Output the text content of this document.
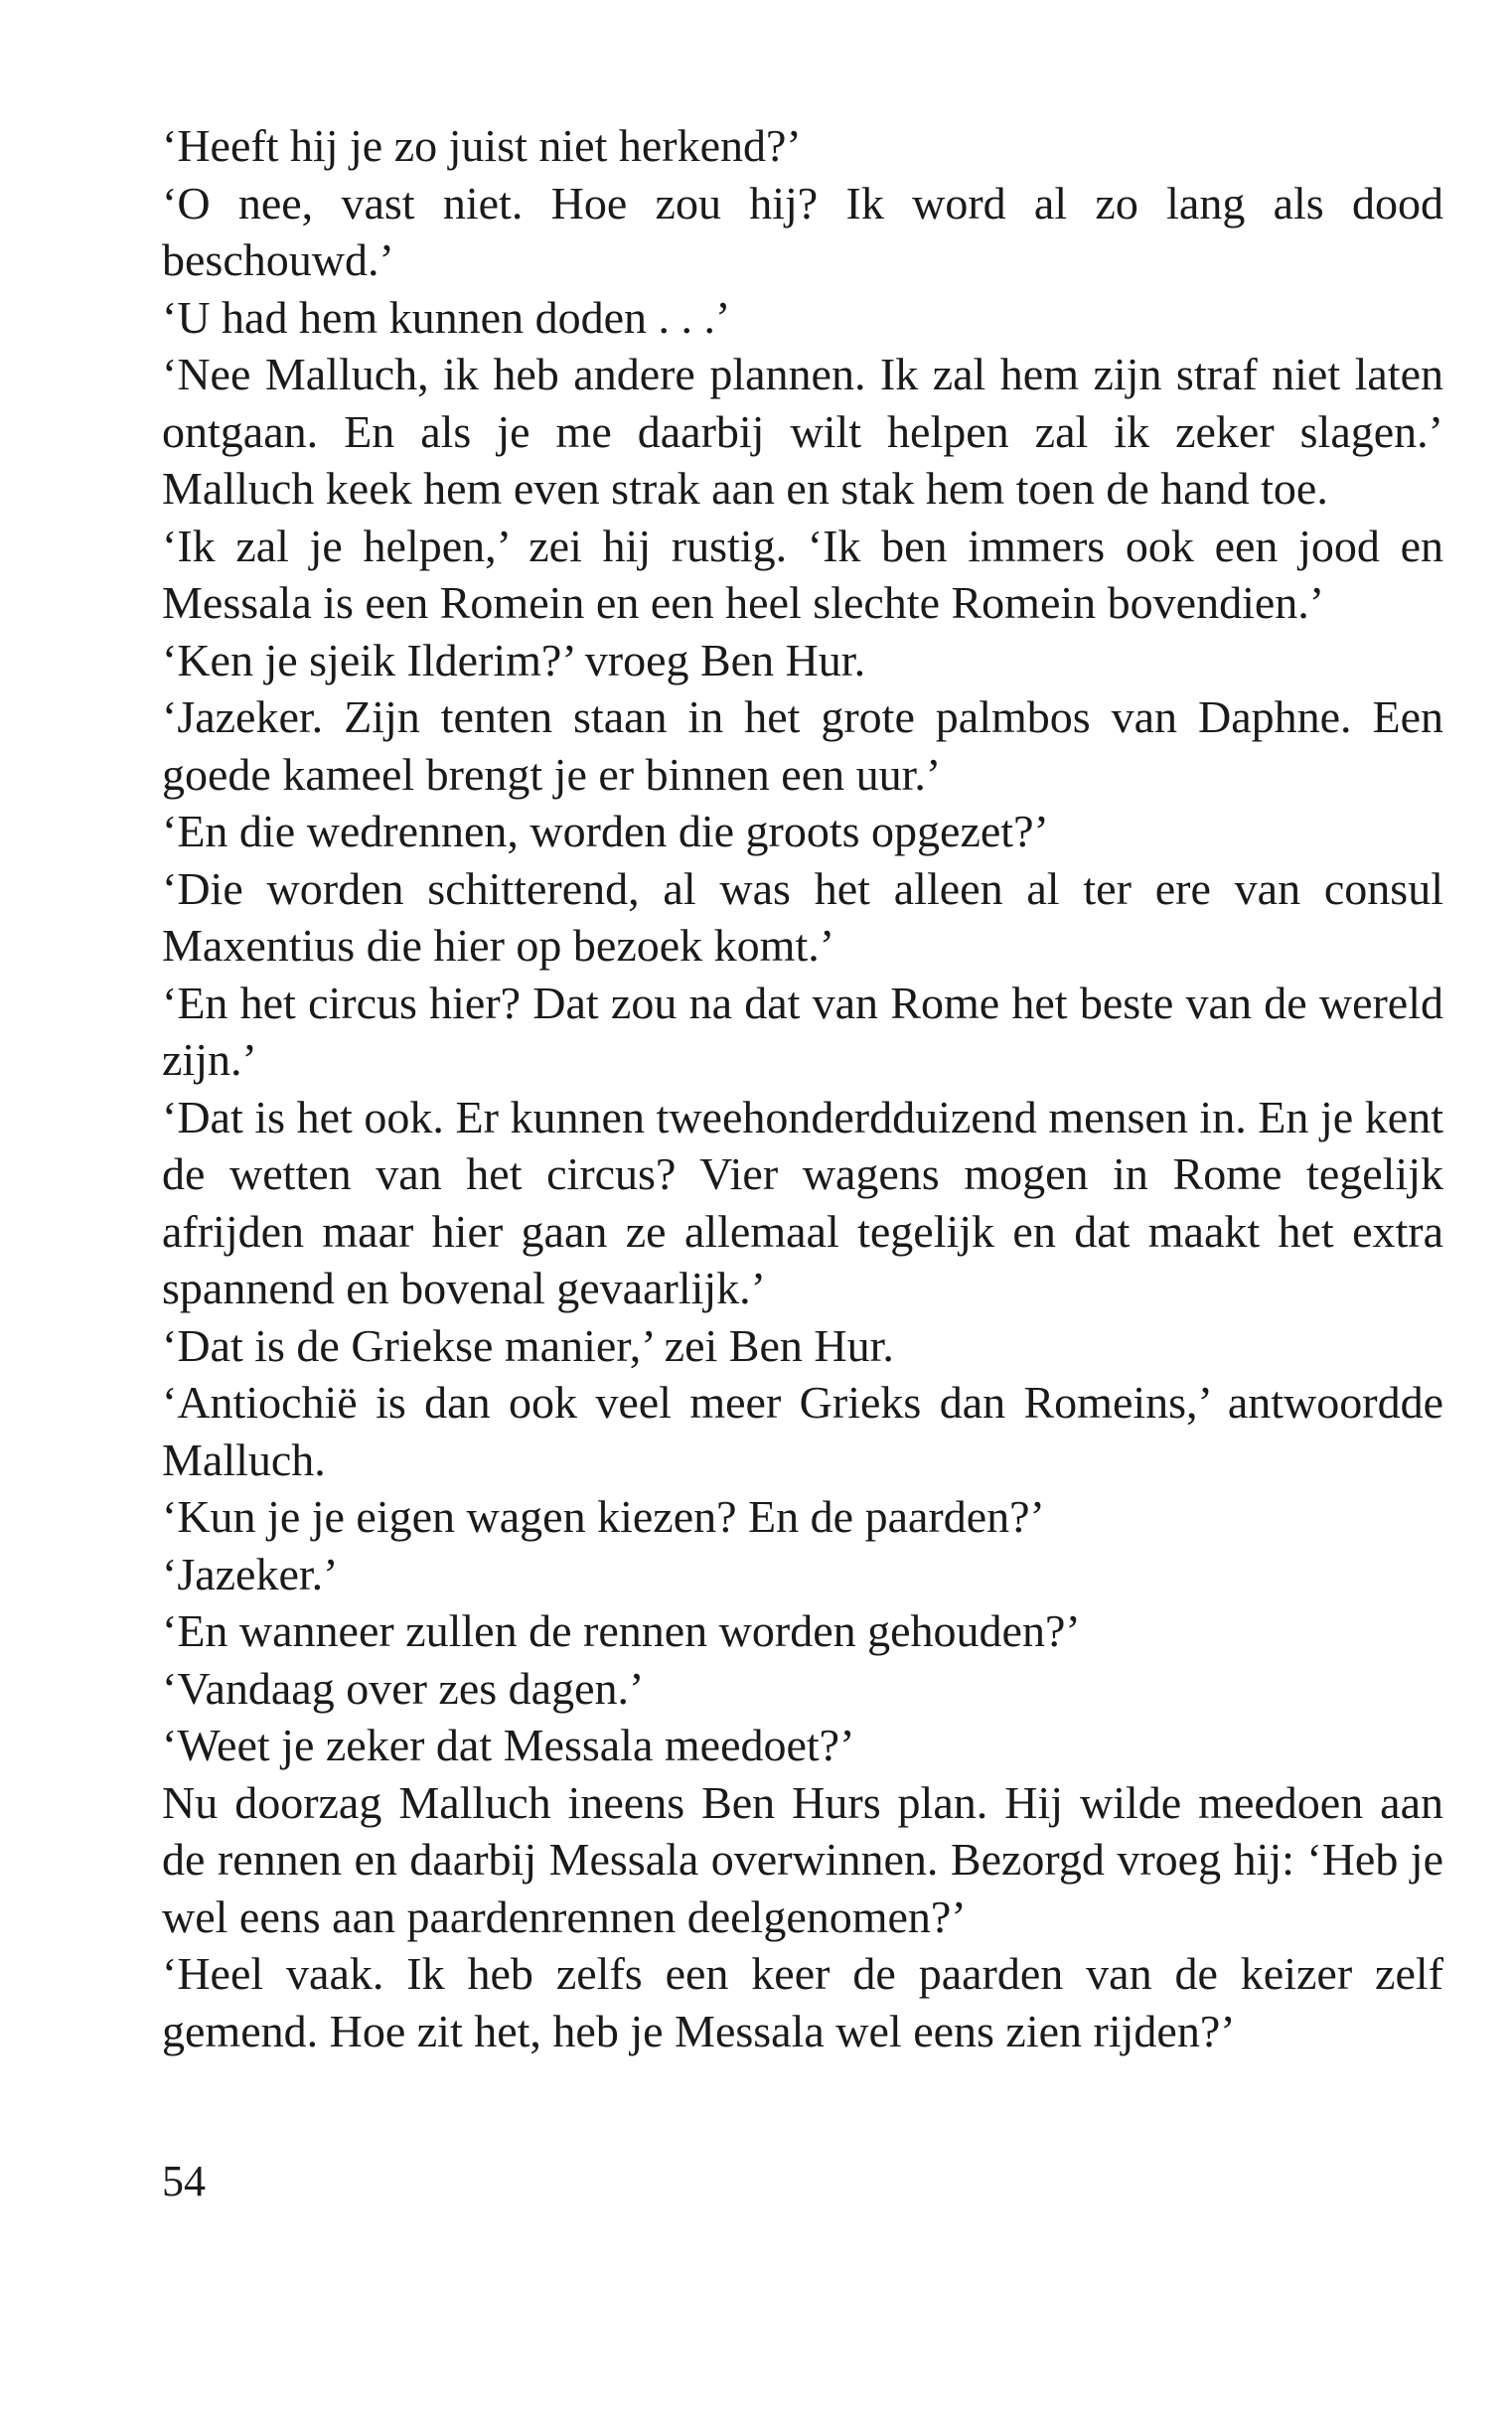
‘Heeft hij je zo juist niet herkend?’

‘O nee, vast niet. Hoe zou hij? Ik word al zo lang als dood beschouwd.’

‘U had hem kunnen doden . . .’

‘Nee Malluch, ik heb andere plannen. Ik zal hem zijn straf niet laten ontgaan. En als je me daarbij wilt helpen zal ik zeker slagen.’ Malluch keek hem even strak aan en stak hem toen de hand toe.

‘Ik zal je helpen,’ zei hij rustig. ‘Ik ben immers ook een jood en Messala is een Romein en een heel slechte Romein bovendien.’

‘Ken je sjeik Ilderim?’ vroeg Ben Hur.

‘Jazeker. Zijn tenten staan in het grote palmbos van Daphne. Een goede kameel brengt je er binnen een uur.’

‘En die wedrennen, worden die groots opgezet?’

‘Die worden schitterend, al was het alleen al ter ere van consul Maxentius die hier op bezoek komt.’

‘En het circus hier? Dat zou na dat van Rome het beste van de wereld zijn.’

‘Dat is het ook. Er kunnen tweehonderdduizend mensen in. En je kent de wetten van het circus? Vier wagens mogen in Rome tegelijk afrijden maar hier gaan ze allemaal tegelijk en dat maakt het extra spannend en bovenal gevaarlijk.’

‘Dat is de Griekse manier,’ zei Ben Hur.

‘Antiochië is dan ook veel meer Grieks dan Romeins,’ antwoordde Malluch.

‘Kun je je eigen wagen kiezen? En de paarden?’

‘Jazeker.’

‘En wanneer zullen de rennen worden gehouden?’

‘Vandaag over zes dagen.’

‘Weet je zeker dat Messala meedoet?’

Nu doorzag Malluch ineens Ben Hurs plan. Hij wilde meedoen aan de rennen en daarbij Messala overwinnen. Bezorgd vroeg hij: ‘Heb je wel eens aan paardenrennen deelgenomen?’

‘Heel vaak. Ik heb zelfs een keer de paarden van de keizer zelf gemend. Hoe zit het, heb je Messala wel eens zien rijden?’

54
